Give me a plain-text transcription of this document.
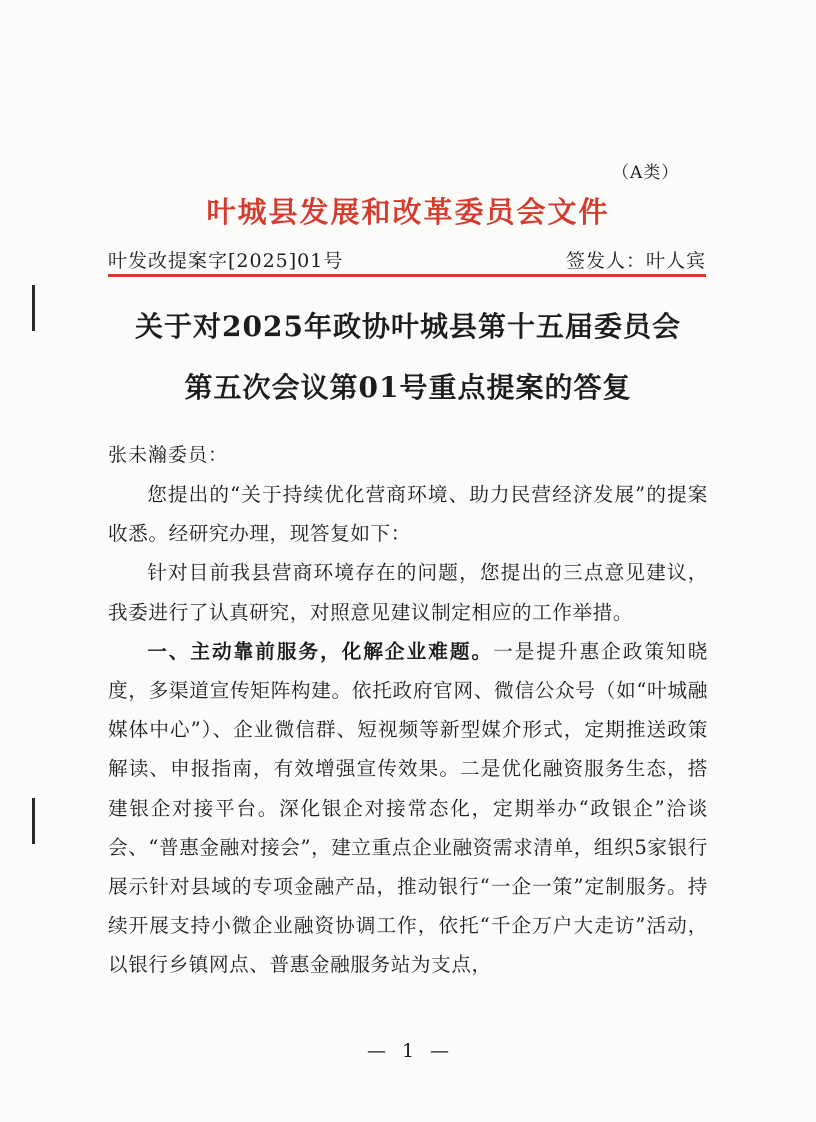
（A类）
叶城县发展和改革委员会文件
叶发改提案字[2025]01号	签发人：叶人宾
关于对2025年政协叶城县第十五届委员会
第五次会议第01号重点提案的答复
张未瀚委员：

您提出的“关于持续优化营商环境、助力民营经济发展”的提案收悉。经研究办理，现答复如下：

针对目前我县营商环境存在的问题，您提出的三点意见建议，我委进行了认真研究，对照意见建议制定相应的工作举措。

一、主动靠前服务，化解企业难题。一是提升惠企政策知晓度，多渠道宣传矩阵构建。依托政府官网、微信公众号（如“叶城融媒体中心”）、企业微信群、短视频等新型媒介形式，定期推送政策解读、申报指南，有效增强宣传效果。二是优化融资服务生态，搭建银企对接平台。深化银企对接常态化，定期举办“政银企”洽谈会、“普惠金融对接会”，建立重点企业融资需求清单，组织5家银行展示针对县域的专项金融产品，推动银行“一企一策”定制服务。持续开展支持小微企业融资协调工作，依托“千企万户大走访”活动，以银行乡镇网点、普惠金融服务站为支点，

— 1 —
